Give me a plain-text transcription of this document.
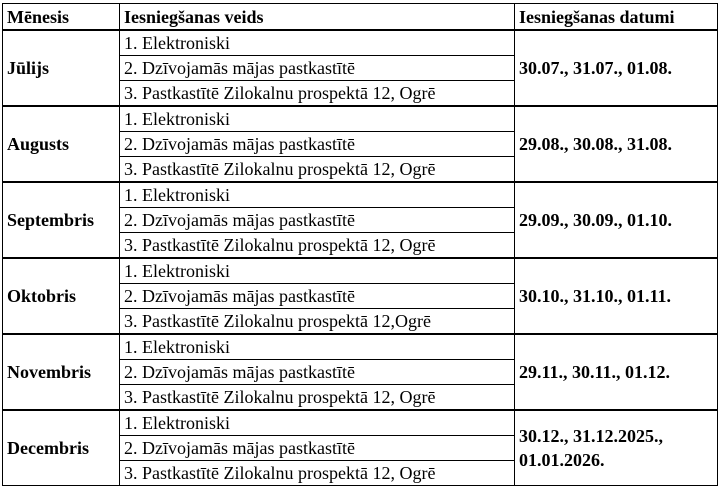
Mēnesis	Iesniegšanas veids	Iesniegšanas datumi
Jūlijs	1. Elektroniski	30.07., 31.07., 01.08.
	2. Dzīvojamās mājas pastkastītē	
	3. Pastkastītē Zilokalnu prospektā 12, Ogrē	
Augusts	1. Elektroniski	29.08., 30.08., 31.08.
	2. Dzīvojamās mājas pastkastītē	
	3. Pastkastītē Zilokalnu prospektā 12, Ogrē	
Septembris	1. Elektroniski	29.09., 30.09., 01.10.
	2. Dzīvojamās mājas pastkastītē	
	3. Pastkastītē Zilokalnu prospektā 12, Ogrē	
Oktobris	1. Elektroniski	30.10., 31.10., 01.11.
	2. Dzīvojamās mājas pastkastītē	
	3. Pastkastītē Zilokalnu prospektā 12,Ogrē	
Novembris	1. Elektroniski	29.11., 30.11., 01.12.
	2. Dzīvojamās mājas pastkastītē	
	3. Pastkastītē Zilokalnu prospektā 12, Ogrē	
Decembris	1. Elektroniski	30.12., 31.12.2025., 01.01.2026.
	2. Dzīvojamās mājas pastkastītē	
	3. Pastkastītē Zilokalnu prospektā 12, Ogrē	
